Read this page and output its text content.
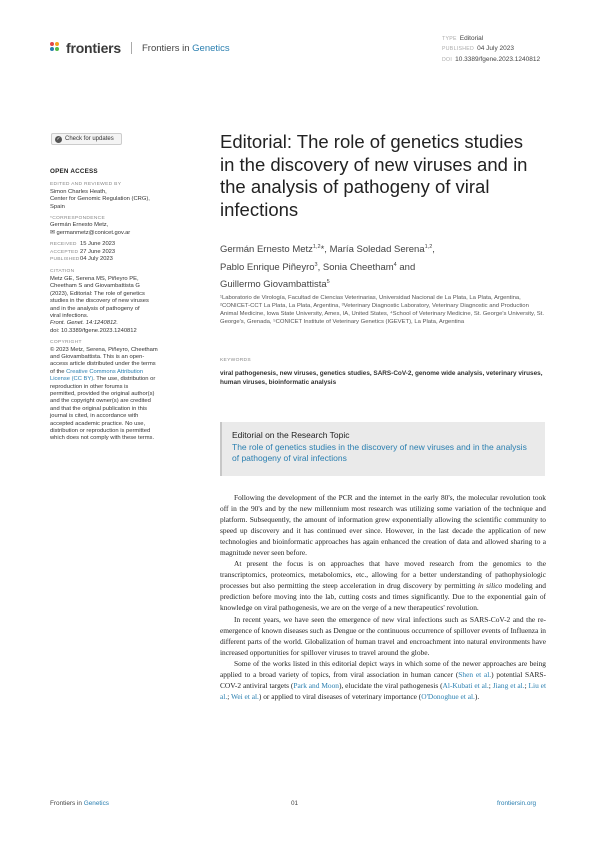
frontiers Frontiers in Genetics
TYPE Editorial
PUBLISHED 04 July 2023
DOI 10.3389/fgene.2023.1240812
✓ Check for updates
OPEN ACCESS
EDITED AND REVIEWED BY
Simon Charles Heath,
Center for Genomic Regulation (CRG),
Spain
*CORRESPONDENCE
Germán Ernesto Metz,
✉ germanmetz@conicet.gov.ar
RECEIVED 15 June 2023
ACCEPTED 27 June 2023
PUBLISHED 04 July 2023
CITATION
Metz GE, Serena MS, Piñeyro PE,
Cheetham S and Giovambattista G
(2023), Editorial: The role of genetics
studies in the discovery of new viruses
and in the analysis of pathogeny of
viral infections.
Front. Genet. 14:1240812.
doi: 10.3389/fgene.2023.1240812
COPYRIGHT
© 2023 Metz, Serena, Piñeyro, Cheetham
and Giovambattista. This is an open-
access article distributed under the terms
of the Creative Commons Attribution
License (CC BY). The use, distribution or
reproduction in other forums is
permitted, provided the original author(s)
and the copyright owner(s) are credited
and that the original publication in this
journal is cited, in accordance with
accepted academic practice. No use,
distribution or reproduction is permitted
which does not comply with these terms.
Editorial: The role of genetics studies in the discovery of new viruses and in the analysis of pathogeny of viral infections
Germán Ernesto Metz$^{1,2}$*, María Soledad Serena$^{1,2}$,
Pablo Enrique Piñeyro$^3$, Sonia Cheetham$^4$ and
Guillermo Giovambattista$^5$
¹Laboratorio de Virología, Facultad de Ciencias Veterinarias, Universidad Nacional de La Plata, La Plata, Argentina, ²CONICET-CCT La Plata, La Plata, Argentina, ³Veterinary Diagnostic Laboratory, Veterinary Diagnostic and Production Animal Medicine, Iowa State University, Ames, IA, United States, ⁴School of Veterinary Medicine, St. George's University, St. George's, Grenada, ⁵CONICET Institute of Veterinary Genetics (IGEVET), La Plata, Argentina
KEYWORDS
viral pathogenesis, new viruses, genetics studies, SARS-CoV-2, genome wide analysis, veterinary viruses, human viruses, bioinformatic analysis
Editorial on the Research Topic
The role of genetics studies in the discovery of new viruses and in the analysis of pathogeny of viral infections

Following the development of the PCR and the internet in the early 80's, the molecular revolution took off in the 90's and by the new millennium most research was utilizing some variation of the technique and platform. Subsequently, the amount of information grew exponentially allowing the scientific community to speed up discovery and it has continued ever since. However, in the last decade the application of new technologies and bioinformatic approaches has again enhanced the creation of data and allowed sharing to a magnitude never seen before.

At present the focus is on approaches that have moved research from the genomics to the transcriptomics, proteomics, metabolomics, etc., allowing for a better understanding of pathophysiologic processes but also permitting the steep acceleration in drug discovery by permitting in silico modeling and prediction before moving into the lab, cutting costs and times significantly. Due to the exponential gain of knowledge on viral pathogenesis, we are on the verge of a new therapeutics' revolution.

In recent years, we have seen the emergence of new viral infections such as SARS-CoV-2 and the re-emergence of known diseases such as Dengue or the continuous occurrence of spillover events of Influenza in different parts of the world. Globalization of human travel and encroachment into natural environments have increased opportunities for spillover viruses to travel around the globe.

Some of the works listed in this editorial depict ways in which some of the newer approaches are being applied to a broad variety of topics, from viral association in human cancer (Shen et al.) potential SARS-COV-2 antiviral targets (Park and Moon), elucidate the viral pathogenesis (Al-Kubati et al.; Jiang et al.; Liu et al.; Wei et al.) or applied to viral diseases of veterinary importance (O'Donoghue et al.).

Frontiers in Genetics	01	frontiersin.org
